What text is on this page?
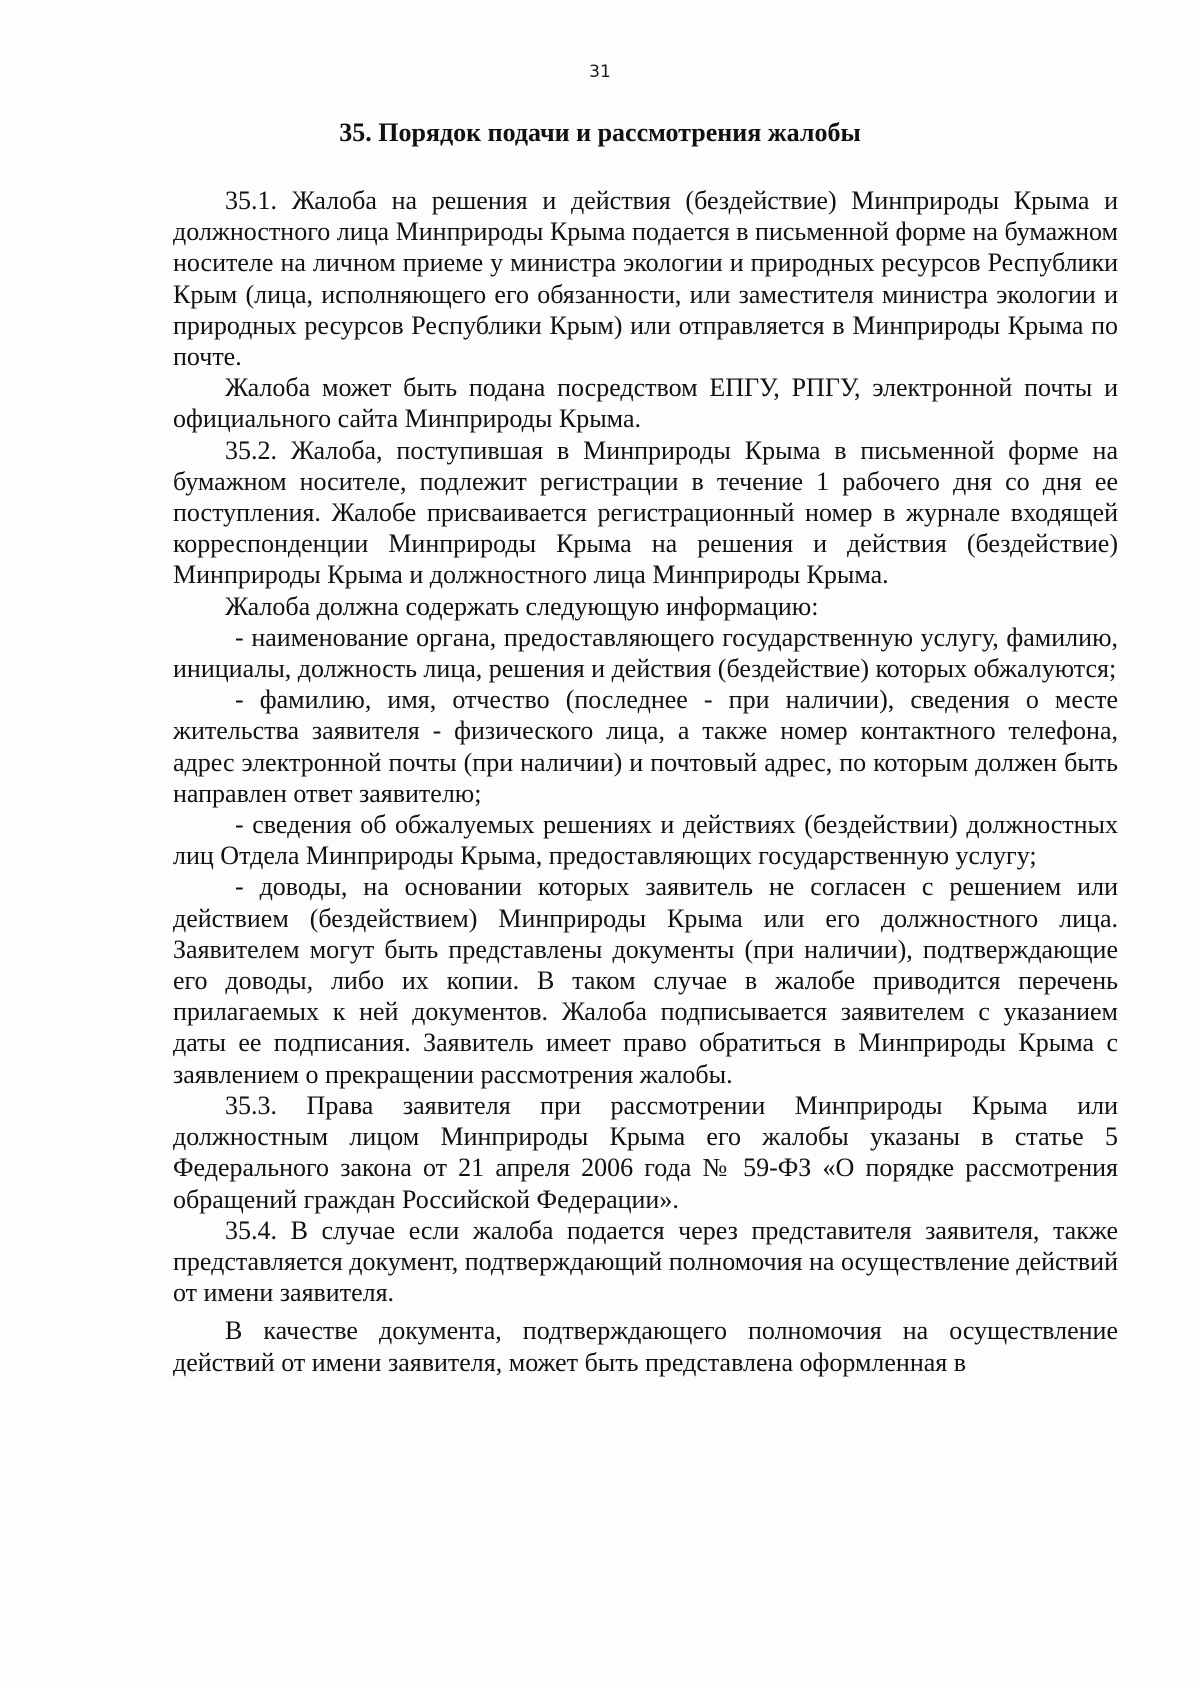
31
35. Порядок подачи и рассмотрения жалобы

35.1. Жалоба на решения и действия (бездействие) Минприроды Крыма и должностного лица Минприроды Крыма подается в письменной форме на бумажном носителе на личном приеме у министра экологии и природных ресурсов Республики Крым (лица, исполняющего его обязанности, или заместителя министра экологии и природных ресурсов Республики Крым) или отправляется в Минприроды Крыма по почте.

Жалоба может быть подана посредством ЕПГУ, РПГУ, электронной почты и официального сайта Минприроды Крыма.

35.2. Жалоба, поступившая в Минприроды Крыма в письменной форме на бумажном носителе, подлежит регистрации в течение 1 рабочего дня со дня ее поступления. Жалобе присваивается регистрационный номер в журнале входящей корреспонденции Минприроды Крыма на решения и действия (бездействие) Минприроды Крыма и должностного лица Минприроды Крыма.

Жалоба должна содержать следующую информацию:

- наименование органа, предоставляющего государственную услугу, фамилию, инициалы, должность лица, решения и действия (бездействие) которых обжалуются;

- фамилию, имя, отчество (последнее - при наличии), сведения о месте жительства заявителя - физического лица, а также номер контактного телефона, адрес электронной почты (при наличии) и почтовый адрес, по которым должен быть направлен ответ заявителю;

- сведения об обжалуемых решениях и действиях (бездействии) должностных лиц Отдела Минприроды Крыма, предоставляющих государственную услугу;

- доводы, на основании которых заявитель не согласен с решением или действием (бездействием) Минприроды Крыма или его должностного лица. Заявителем могут быть представлены документы (при наличии), подтверждающие его доводы, либо их копии. В таком случае в жалобе приводится перечень прилагаемых к ней документов. Жалоба подписывается заявителем с указанием даты ее подписания. Заявитель имеет право обратиться в Минприроды Крыма с заявлением о прекращении рассмотрения жалобы.

35.3. Права заявителя при рассмотрении Минприроды Крыма или должностным лицом Минприроды Крыма его жалобы указаны в статье 5 Федерального закона от 21 апреля 2006 года № 59-ФЗ «О порядке рассмотрения обращений граждан Российской Федерации».

35.4. В случае если жалоба подается через представителя заявителя, также представляется документ, подтверждающий полномочия на осуществление действий от имени заявителя.

В качестве документа, подтверждающего полномочия на осуществление действий от имени заявителя, может быть представлена оформленная в
